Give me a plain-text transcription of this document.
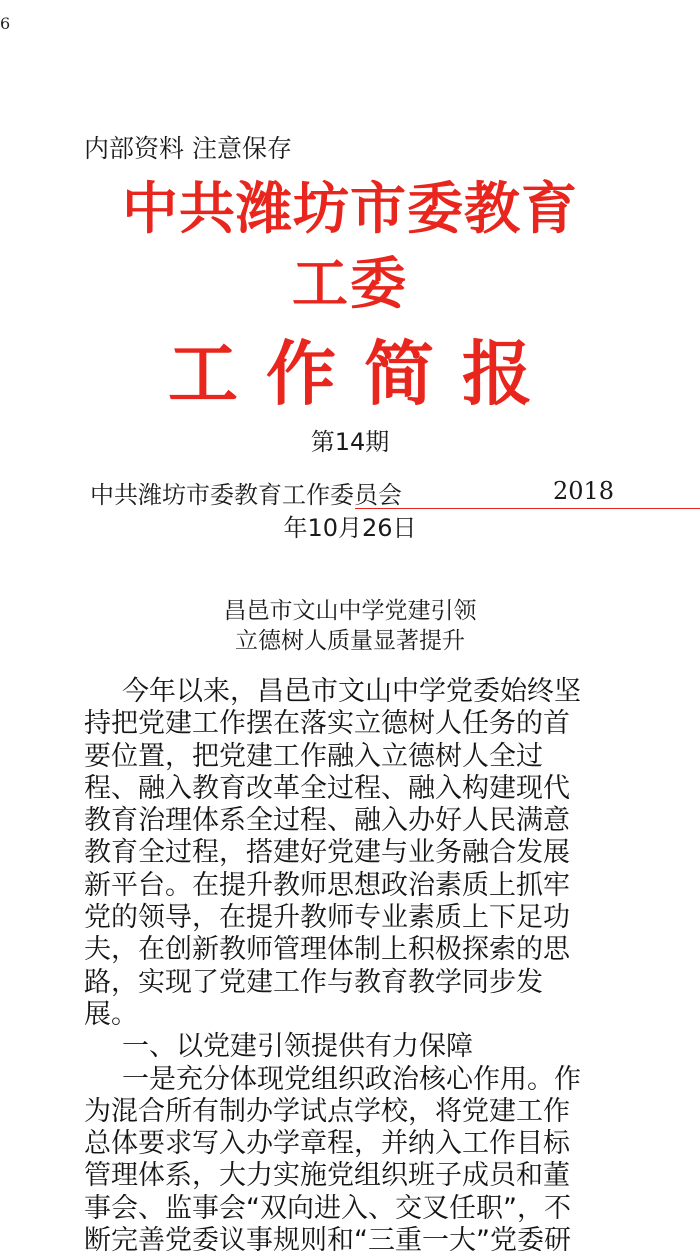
6
内部资料 注意保存
中共潍坊市委教育
工委
工作简报
第14期
中共潍坊市委教育工作委员会	2018
年10月26日
昌邑市文山中学党建引领
立德树人质量显著提升

今年以来，昌邑市文山中学党委始终坚

持把党建工作摆在落实立德树人任务的首

要位置，把党建工作融入立德树人全过

程、融入教育改革全过程、融入构建现代

教育治理体系全过程、融入办好人民满意

教育全过程，搭建好党建与业务融合发展

新平台。在提升教师思想政治素质上抓牢

党的领导，在提升教师专业素质上下足功

夫，在创新教师管理体制上积极探索的思

路，实现了党建工作与教育教学同步发

展。

一、以党建引领提供有力保障

一是充分体现党组织政治核心作用。作

为混合所有制办学试点学校，将党建工作

总体要求写入办学章程，并纳入工作目标

管理体系，大力实施党组织班子成员和董

事会、监事会“双向进入、交叉任职”，不

断完善党委议事规则和“三重一大”党委研
